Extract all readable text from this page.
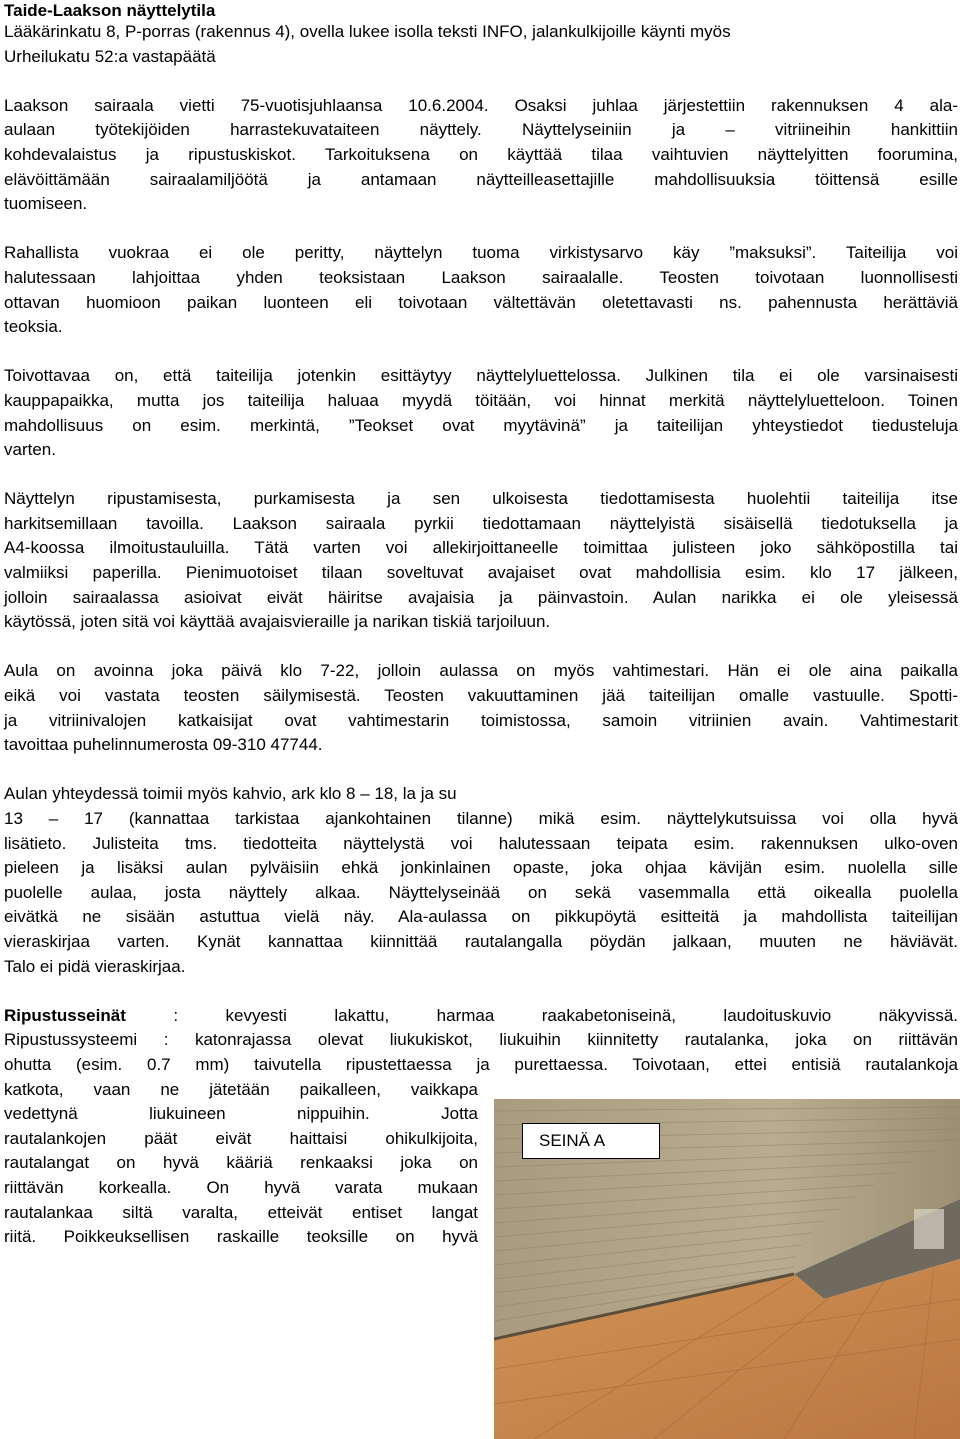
Taide-Laakson näyttelytila
Lääkärinkatu 8, P-porras (rakennus 4), ovella lukee isolla teksti INFO, jalankulkijoille käynti myös
Urheilukatu 52:a vastapäätä
Laakson sairaala vietti 75-vuotisjuhlaansa 10.6.2004. Osaksi juhlaa järjestettiin rakennuksen 4 ala-
aulaan työtekijöiden harrastekuvataiteen näyttely. Näyttelyseiniin ja – vitriineihin hankittiin
kohdevalaistus ja ripustuskiskot. Tarkoituksena on käyttää tilaa vaihtuvien näyttelyitten foorumina,
elävöittämään sairaalamiljöötä ja antamaan näytteilleasettajille mahdollisuuksia töittensä esille
tuomiseen.
Rahallista vuokraa ei ole peritty, näyttelyn tuoma virkistysarvo käy ”maksuksi”. Taiteilija voi
halutessaan lahjoittaa yhden teoksistaan Laakson sairaalalle. Teosten toivotaan luonnollisesti
ottavan huomioon paikan luonteen eli toivotaan vältettävän oletettavasti ns. pahennusta herättäviä
teoksia.
Toivottavaa on, että taiteilija jotenkin esittäytyy näyttelyluettelossa. Julkinen tila ei ole varsinaisesti
kauppapaikka, mutta jos taiteilija haluaa myydä töitään, voi hinnat merkitä näyttelyluetteloon. Toinen
mahdollisuus on esim. merkintä, ”Teokset ovat myytävinä” ja taiteilijan yhteystiedot tiedusteluja
varten.
Näyttelyn ripustamisesta, purkamisesta ja sen ulkoisesta tiedottamisesta huolehtii taiteilija itse
harkitsemillaan tavoilla. Laakson sairaala pyrkii tiedottamaan näyttelyistä sisäisellä tiedotuksella ja
A4-koossa ilmoitustauluilla. Tätä varten voi allekirjoittaneelle toimittaa julisteen joko sähköpostilla tai
valmiiksi paperilla. Pienimuotoiset tilaan soveltuvat avajaiset ovat mahdollisia esim. klo 17 jälkeen,
jolloin sairaalassa asioivat eivät häiritse avajaisia ja päinvastoin. Aulan narikka ei ole yleisessä
käytössä, joten sitä voi käyttää avajaisvieraille ja narikan tiskiä tarjoiluun.
Aula on avoinna joka päivä klo 7-22, jolloin aulassa on myös vahtimestari. Hän ei ole aina paikalla
eikä voi vastata teosten säilymisestä. Teosten vakuuttaminen jää taiteilijan omalle vastuulle. Spotti-
ja vitriinivalojen katkaisijat ovat vahtimestarin toimistossa, samoin vitriinien avain. Vahtimestarit
tavoittaa puhelinnumerosta 09-310 47744.
Aulan yhteydessä toimii myös kahvio, ark klo 8 – 18, la ja su
13 – 17 (kannattaa tarkistaa ajankohtainen tilanne) mikä esim. näyttelykutsuissa voi olla hyvä
lisätieto. Julisteita tms. tiedotteita näyttelystä voi halutessaan teipata esim. rakennuksen ulko-oven
pieleen ja lisäksi aulan pylväisiin ehkä jonkinlainen opaste, joka ohjaa kävijän esim. nuolella sille
puolelle aulaa, josta näyttely alkaa. Näyttelyseinää on sekä vasemmalla että oikealla puolella
eivätkä ne sisään astuttua vielä näy. Ala-aulassa on pikkupöytä esitteitä ja mahdollista taiteilijan
vieraskirjaa varten. Kynät kannattaa kiinnittää rautalangalla pöydän jalkaan, muuten ne häviävät.
Talo ei pidä vieraskirjaa.
Ripustusseinät : kevyesti lakattu, harmaa raakabetoniseinä, laudoituskuvio näkyvissä.
Ripustussysteemi : katonrajassa olevat liukukiskot, liukuihin kiinnitetty rautalanka, joka on riittävän
ohutta (esim. 0.7 mm) taivutella ripustettaessa ja purettaessa. Toivotaan, ettei entisiä rautalankoja
katkota, vaan ne jätetään paikalleen, vaikkapa
vedettynä liukuineen nippuihin. Jotta
rautalankojen päät eivät haittaisi ohikulkijoita,
rautalangat on hyvä kääriä renkaaksi joka on
riittävän korkealla. On hyvä varata mukaan
rautalankaa siltä varalta, etteivät entiset langat
riitä. Poikkeuksellisen raskaille teoksille on hyvä
SEINÄ A
